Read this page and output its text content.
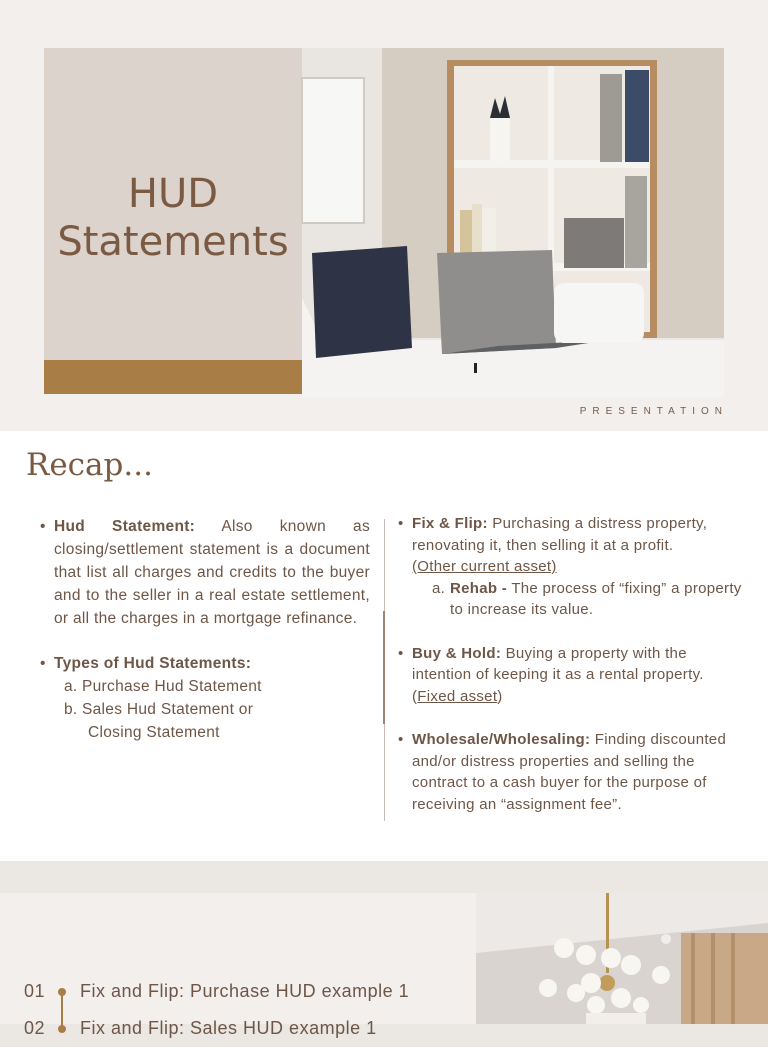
HUD
Statements
PRESENTATION
Recap...
• Hud Statement: Also known as closing/settlement statement is a document that list all charges and credits to the buyer and to the seller in a real estate settlement, or all the charges in a mortgage refinance.
• Types of Hud Statements:
a. Purchase Hud Statement
b. Sales Hud Statement or
Closing Statement
• Fix & Flip: Purchasing a distress property, renovating it, then selling it at a profit.
(Other current asset)
a. Rehab - The process of “fixing” a property to increase its value.
• Buy & Hold: Buying a property with the intention of keeping it as a rental property. (Fixed asset)
• Wholesale/Wholesaling: Finding discounted and/or distress properties and selling the contract to a cash buyer for the purpose of receiving an “assignment fee”.
01	Fix and Flip: Purchase HUD example 1
02	Fix and Flip: Sales HUD example 1
